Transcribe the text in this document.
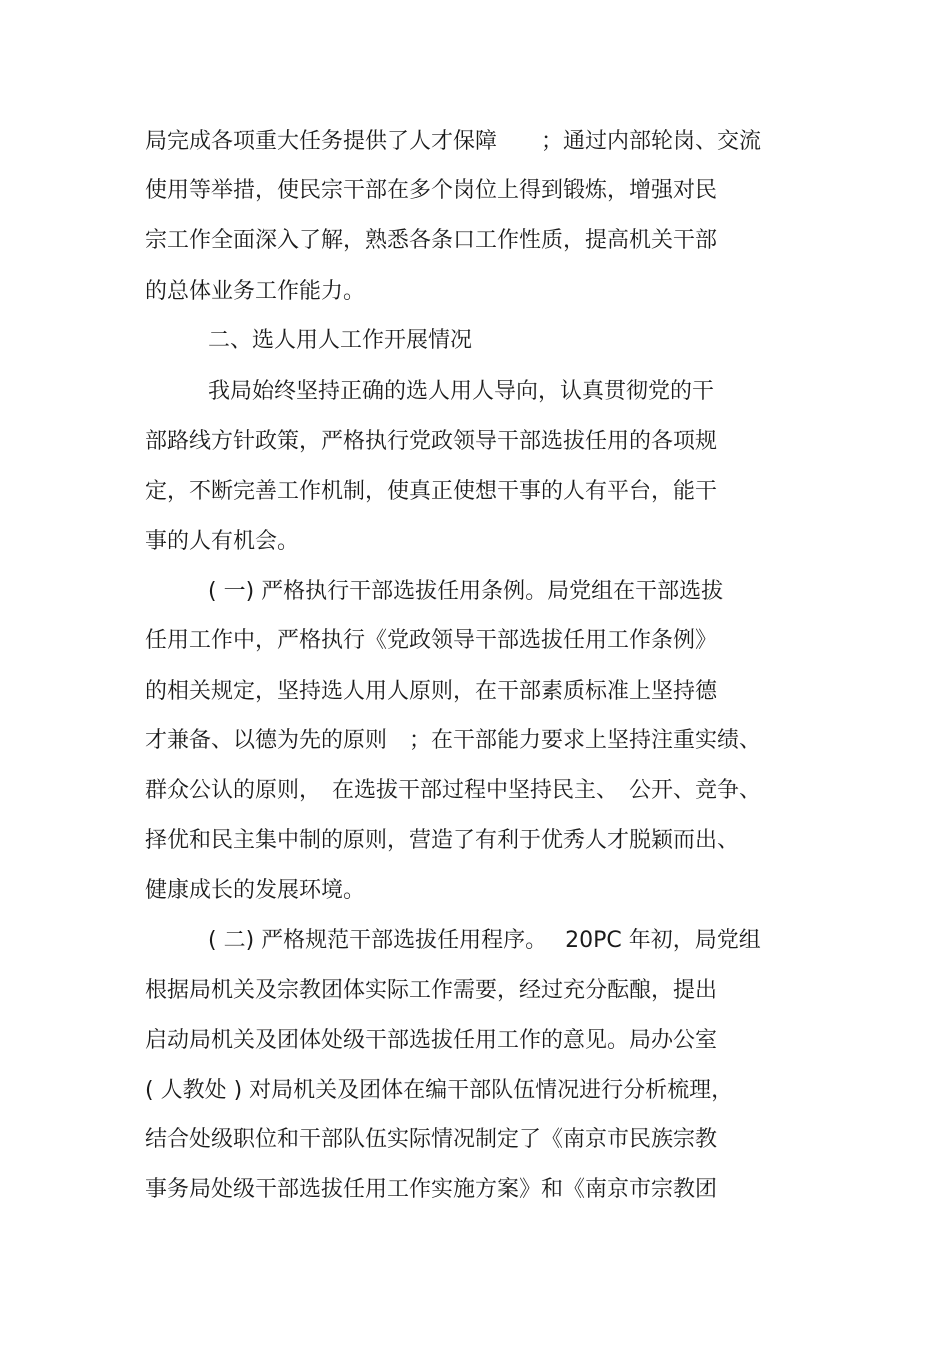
局完成各项重大任务提供了人才保障　　；通过内部轮岗、交流

使用等举措，使民宗干部在多个岗位上得到锻炼，增强对民

宗工作全面深入了解，熟悉各条口工作性质，提高机关干部

的总体业务工作能力。

二、选人用人工作开展情况

我局始终坚持正确的选人用人导向，认真贯彻党的干

部路线方针政策，严格执行党政领导干部选拔任用的各项规

定，不断完善工作机制，使真正使想干事的人有平台，能干

事的人有机会。

( 一) 严格执行干部选拔任用条例。局党组在干部选拔

任用工作中，严格执行《党政领导干部选拔任用工作条例》

的相关规定，坚持选人用人原则，在干部素质标准上坚持德

才兼备、以德为先的原则　；在干部能力要求上坚持注重实绩、

群众公认的原则，　在选拔干部过程中坚持民主、　公开、竞争、

择优和民主集中制的原则，营造了有利于优秀人才脱颖而出、

健康成长的发展环境。

( 二) 严格规范干部选拔任用程序。　 20PC 年初，局党组

根据局机关及宗教团体实际工作需要，经过充分酝酿，提出

启动局机关及团体处级干部选拔任用工作的意见。局办公室

( 人教处 ) 对局机关及团体在编干部队伍情况进行分析梳理，

结合处级职位和干部队伍实际情况制定了《南京市民族宗教

事务局处级干部选拔任用工作实施方案》和《南京市宗教团
